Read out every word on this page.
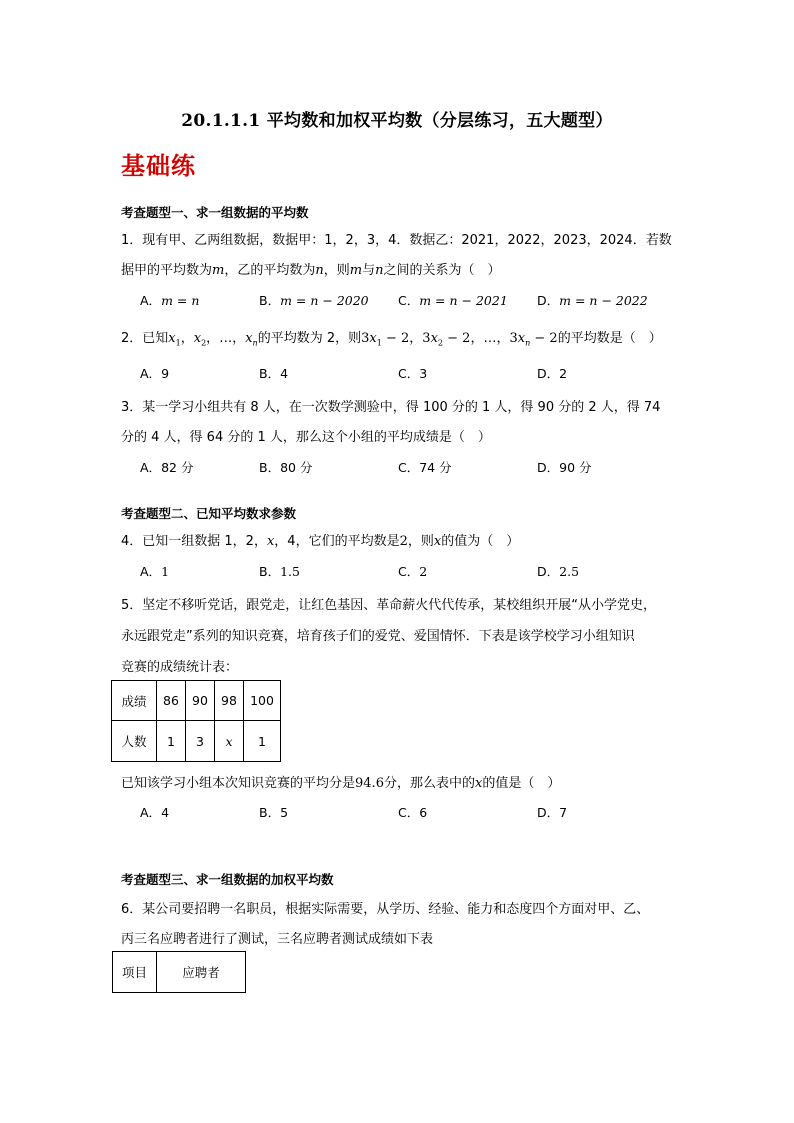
20.1.1.1 平均数和加权平均数（分层练习，五大题型）
基础练
考查题型一、求一组数据的平均数
1．现有甲、乙两组数据，数据甲：1，2，3，4．数据乙：2021，2022，2023，2024．若数
据甲的平均数为m，乙的平均数为n，则m与n之间的关系为（　）
A．m = n	B．m = n − 2020 C．m = n − 2021 D．m = n − 2022
2．已知$x_1$，$x_2$，…，$x_n$的平均数为 2，则$3x_1 - 2$，$3x_2 - 2$，…，$3x_n - 2$的平均数是（　）
A．9	B．4	C．3	D．2
3．某一学习小组共有 8 人，在一次数学测验中，得 100 分的 1 人，得 90 分的 2 人，得 74
分的 4 人，得 64 分的 1 人，那么这个小组的平均成绩是（　）
A．82 分	B．80 分	C．74 分	D．90 分
考查题型二、已知平均数求参数
4．已知一组数据 1，2，x，4，它们的平均数是2，则x的值为（　）
A．1	B．1.5	C．2	D．2.5
5．坚定不移听党话，跟党走，让红色基因、革命薪火代代传承，某校组织开展“从小学党史，
永远跟党走”系列的知识竞赛，培育孩子们的爱党、爱国情怀．下表是该学校学习小组知识
竞赛的成绩统计表：
成绩	86	90	98	100
人数	1	3	x	1
已知该学习小组本次知识竞赛的平均分是94.6分，那么表中的x的值是（　）
A．4	B．5	C．6	D．7
考查题型三、求一组数据的加权平均数
6．某公司要招聘一名职员，根据实际需要，从学历、经验、能力和态度四个方面对甲、乙、
丙三名应聘者进行了测试，三名应聘者测试成绩如下表
项目	应聘者
